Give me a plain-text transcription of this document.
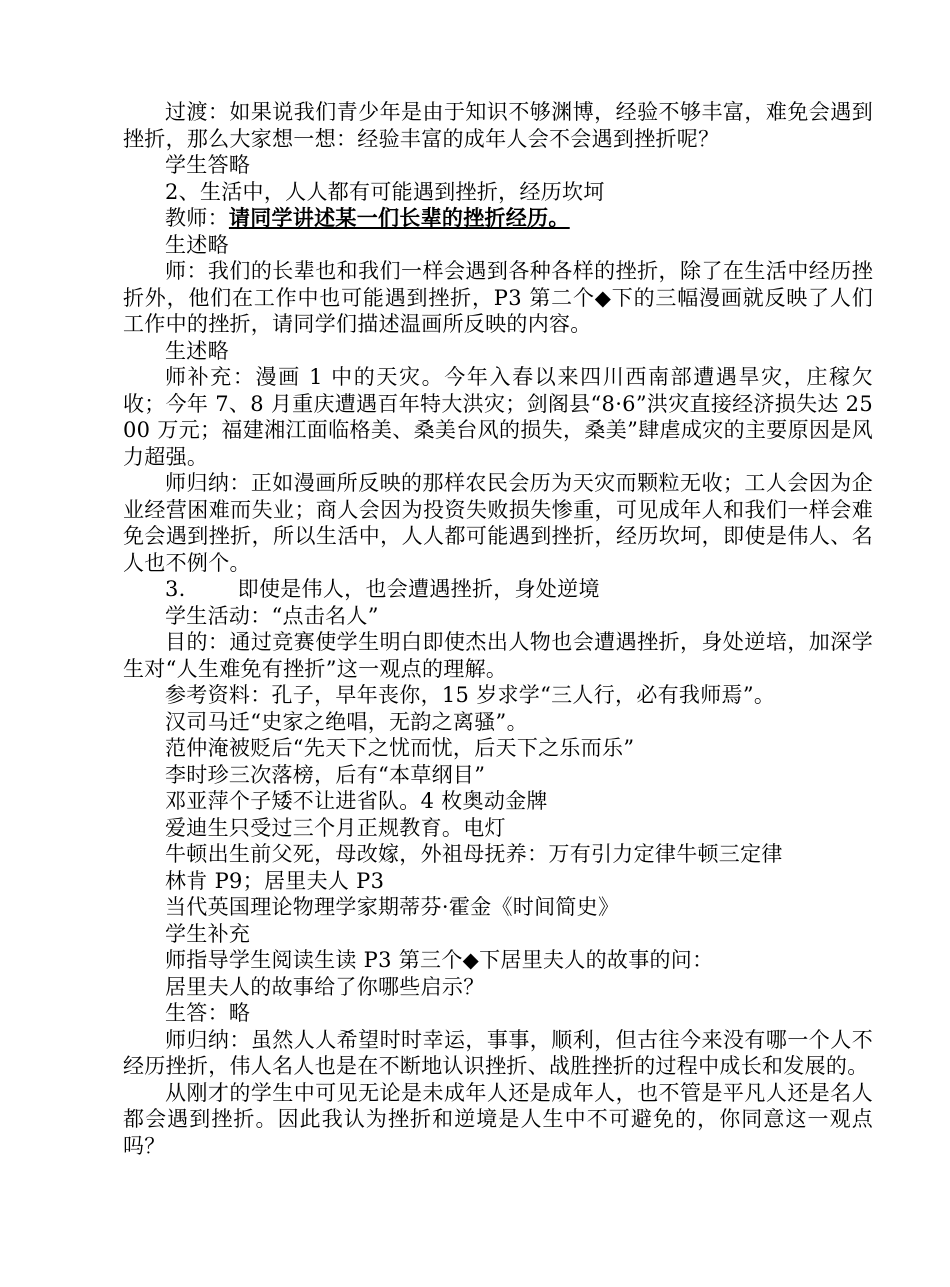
过渡：如果说我们青少年是由于知识不够渊博，经验不够丰富，难免会遇到挫折，那么大家想一想：经验丰富的成年人会不会遇到挫折呢？

学生答略

2、生活中，人人都有可能遇到挫折，经历坎坷

教师：请同学讲述某一们长辈的挫折经历。

生述略

师：我们的长辈也和我们一样会遇到各种各样的挫折，除了在生活中经历挫折外，他们在工作中也可能遇到挫折，P3 第二个◆下的三幅漫画就反映了人们工作中的挫折，请同学们描述温画所反映的内容。

生述略

师补充：漫画 1 中的天灾。今年入春以来四川西南部遭遇旱灾，庄稼欠收；今年 7、8 月重庆遭遇百年特大洪灾；剑阁县“8·6”洪灾直接经济损失达 2500 万元；福建湘江面临格美、桑美台风的损失，桑美”肆虐成灾的主要原因是风力超强。

师归纳：正如漫画所反映的那样农民会历为天灾而颗粒无收；工人会因为企业经营困难而失业；商人会因为投资失败损失惨重，可见成年人和我们一样会难免会遇到挫折，所以生活中，人人都可能遇到挫折，经历坎坷，即使是伟人、名人也不例个。

3. 即使是伟人，也会遭遇挫折，身处逆境

学生活动：“点击名人”

目的：通过竞赛使学生明白即使杰出人物也会遭遇挫折，身处逆培，加深学生对“人生难免有挫折”这一观点的理解。

参考资料：孔子，早年丧你，15 岁求学“三人行，必有我师焉”。

汉司马迁“史家之绝唱，无韵之离骚”。

范仲淹被贬后“先天下之忧而忧，后天下之乐而乐”

李时珍三次落榜，后有“本草纲目”

邓亚萍个子矮不让进省队。4 枚奥动金牌

爱迪生只受过三个月正规教育。电灯

牛顿出生前父死，母改嫁，外祖母抚养：万有引力定律牛顿三定律

林肯 P9；居里夫人 P3

当代英国理论物理学家期蒂芬·霍金《时间简史》

学生补充

师指导学生阅读生读 P3 第三个◆下居里夫人的故事的问：

居里夫人的故事给了你哪些启示？

生答：略

师归纳：虽然人人希望时时幸运，事事，顺利，但古往今来没有哪一个人不经历挫折，伟人名人也是在不断地认识挫折、战胜挫折的过程中成长和发展的。

从刚才的学生中可见无论是未成年人还是成年人，也不管是平凡人还是名人都会遇到挫折。因此我认为挫折和逆境是人生中不可避免的，你同意这一观点吗？
